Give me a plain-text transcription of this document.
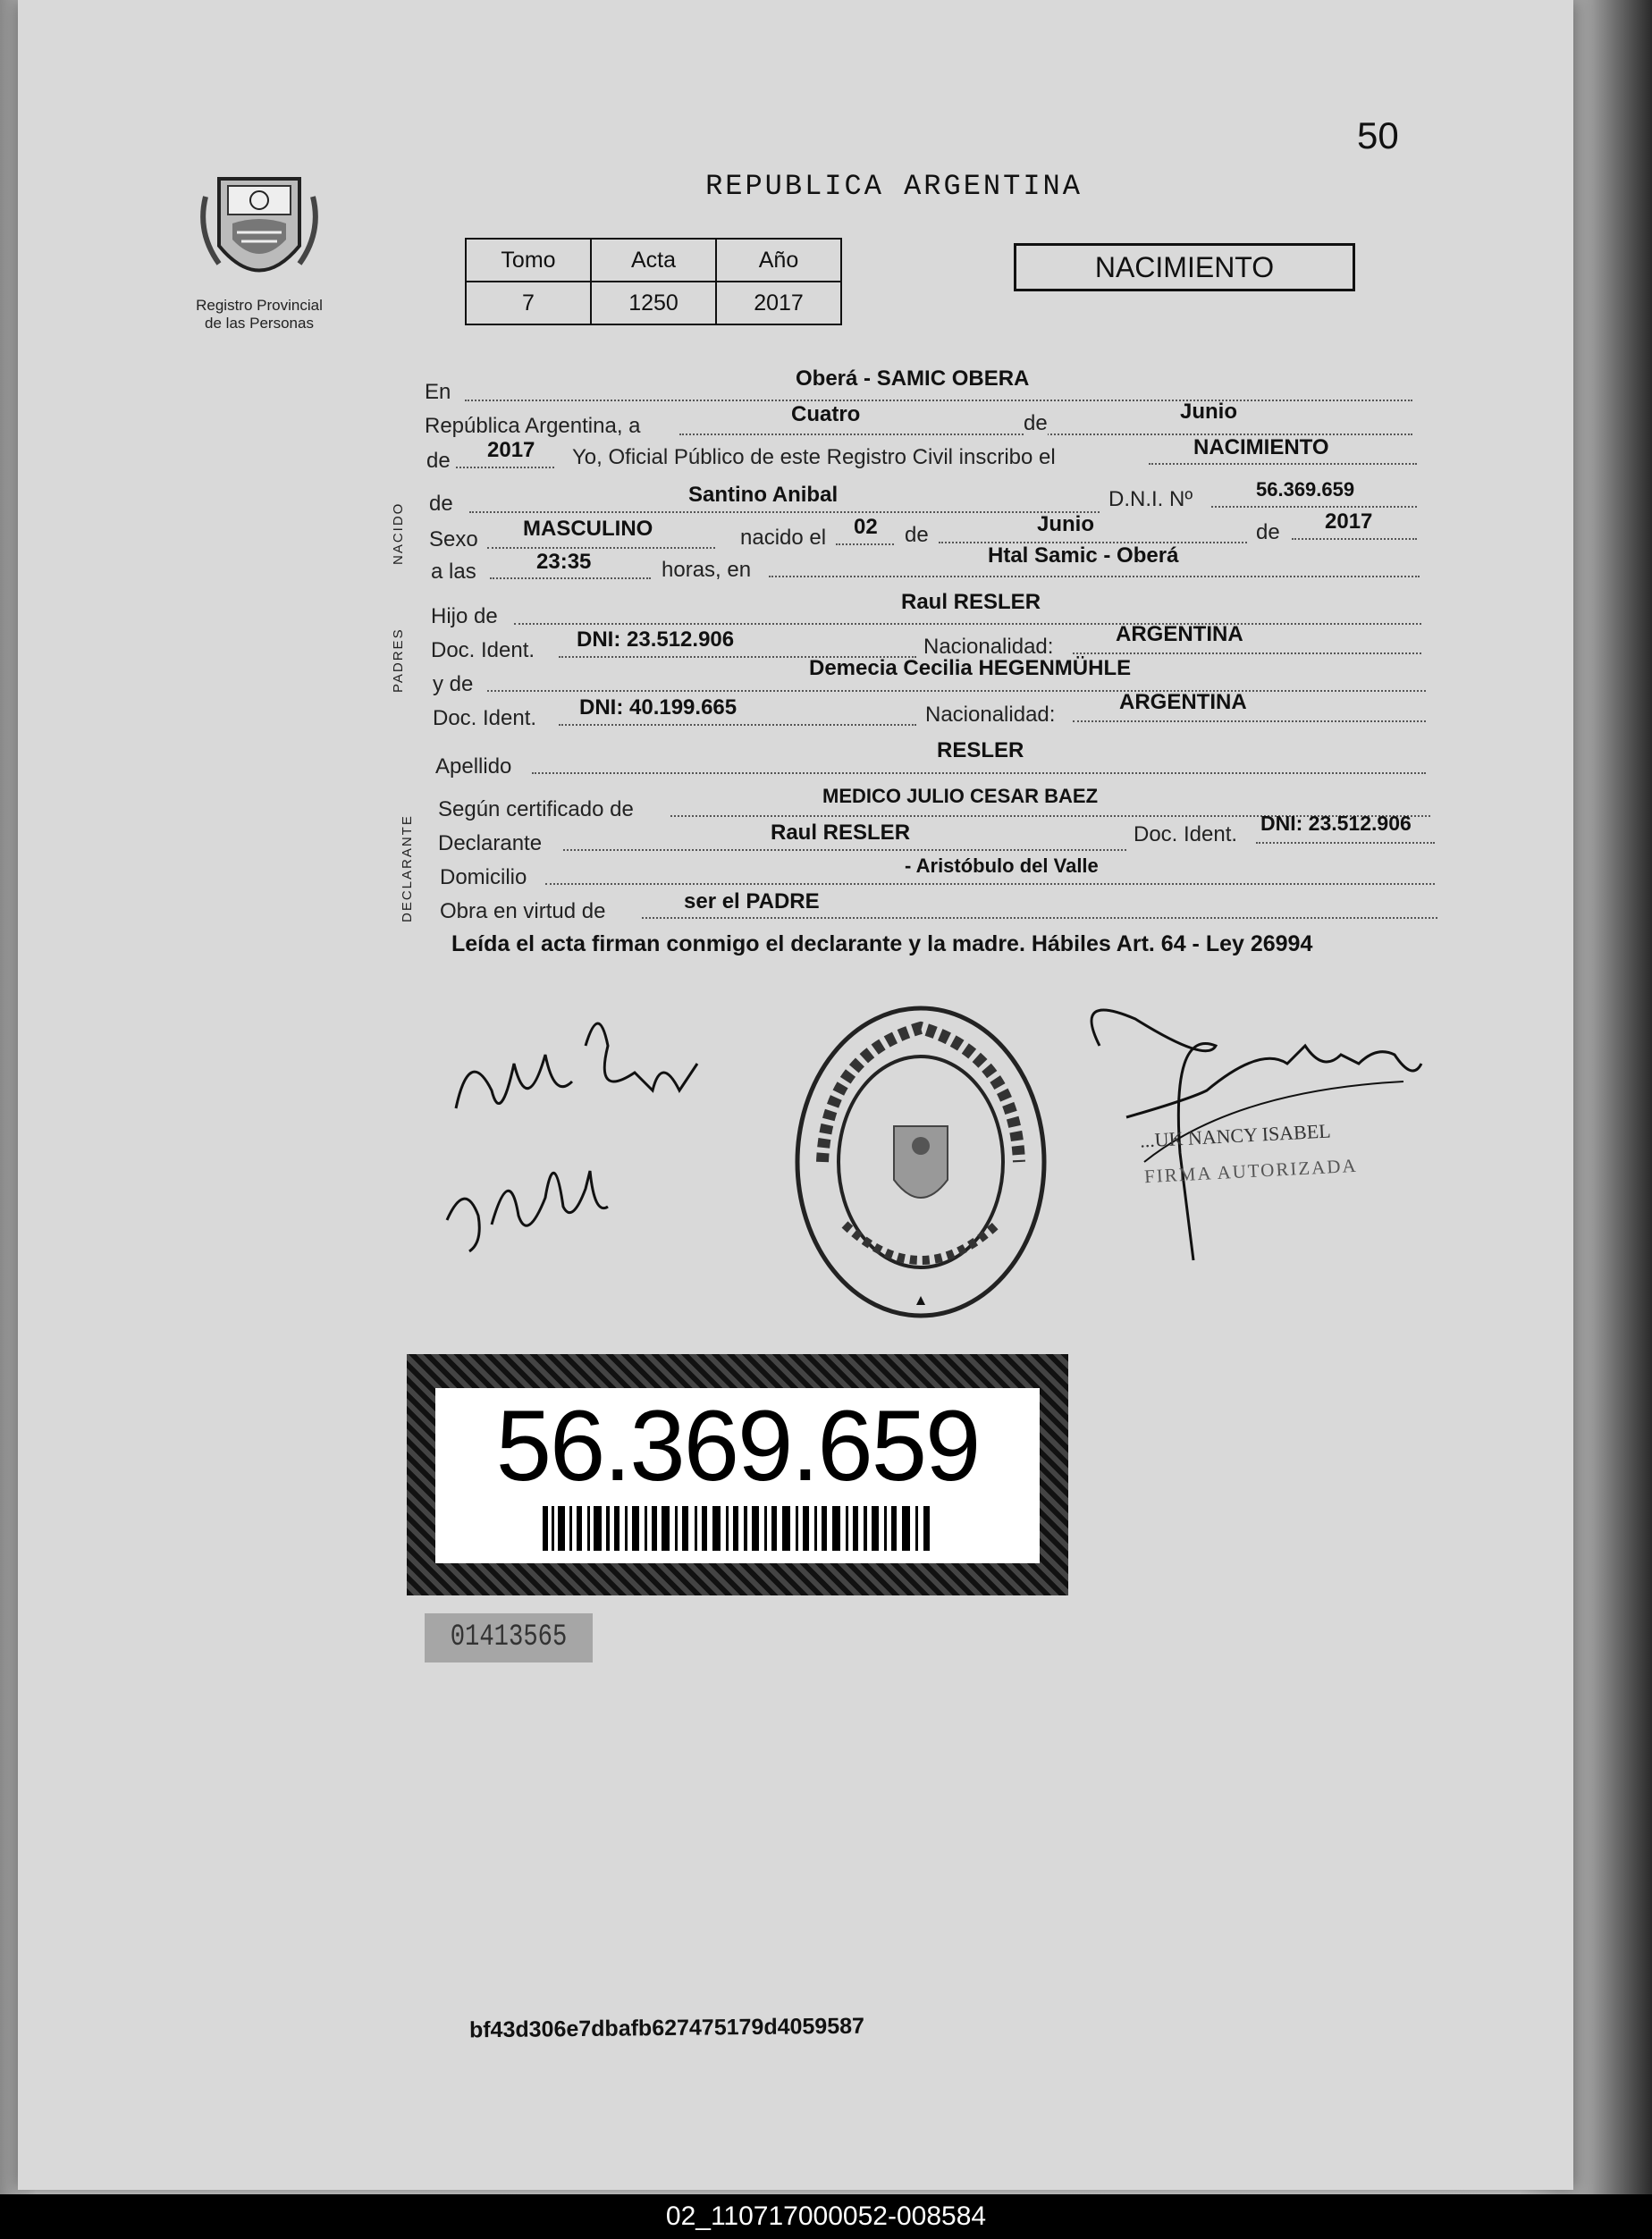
50
Registro Provincial
de las Personas
REPUBLICA ARGENTINA
Tomo	Acta	Año
7	1250	2017
NACIMIENTO
NACIDO
PADRES
DECLARANTE
En
Oberá - SAMIC OBERA
República Argentina, a	Cuatro	de	Junio
de 2017 Yo, Oficial Público de este Registro Civil inscribo el	NACIMIENTO
de	Santino Anibal	D.N.I. Nº	56.369.659
Sexo MASCULINO	nacido el 02 de	Junio	de 2017
a las	23:35	horas, en
Htal Samic - Oberá
Hijo de
Raul RESLER
Doc. Ident. DNI: 23.512.906	Nacionalidad:
ARGENTINA
y de
Demecia Cecilia HEGENMÜHLE
Doc. Ident. DNI: 40.199.665	Nacionalidad:
ARGENTINA
Apellido
RESLER
Según certificado de
MEDICO JULIO CESAR BAEZ
Declarante	Raul RESLER	Doc. Ident. DNI: 23.512.906
Domicilio	- Aristóbulo del Valle
Obra en virtud de	ser el PADRE
Leída el acta firman conmigo el declarante y la madre. Hábiles Art. 64 - Ley 26994
...UK NANCY ISABEL
FIRMA AUTORIZADA
56.369.659
01413565
bf43d306e7dbafb627475179d4059587
02_110717000052-008584
